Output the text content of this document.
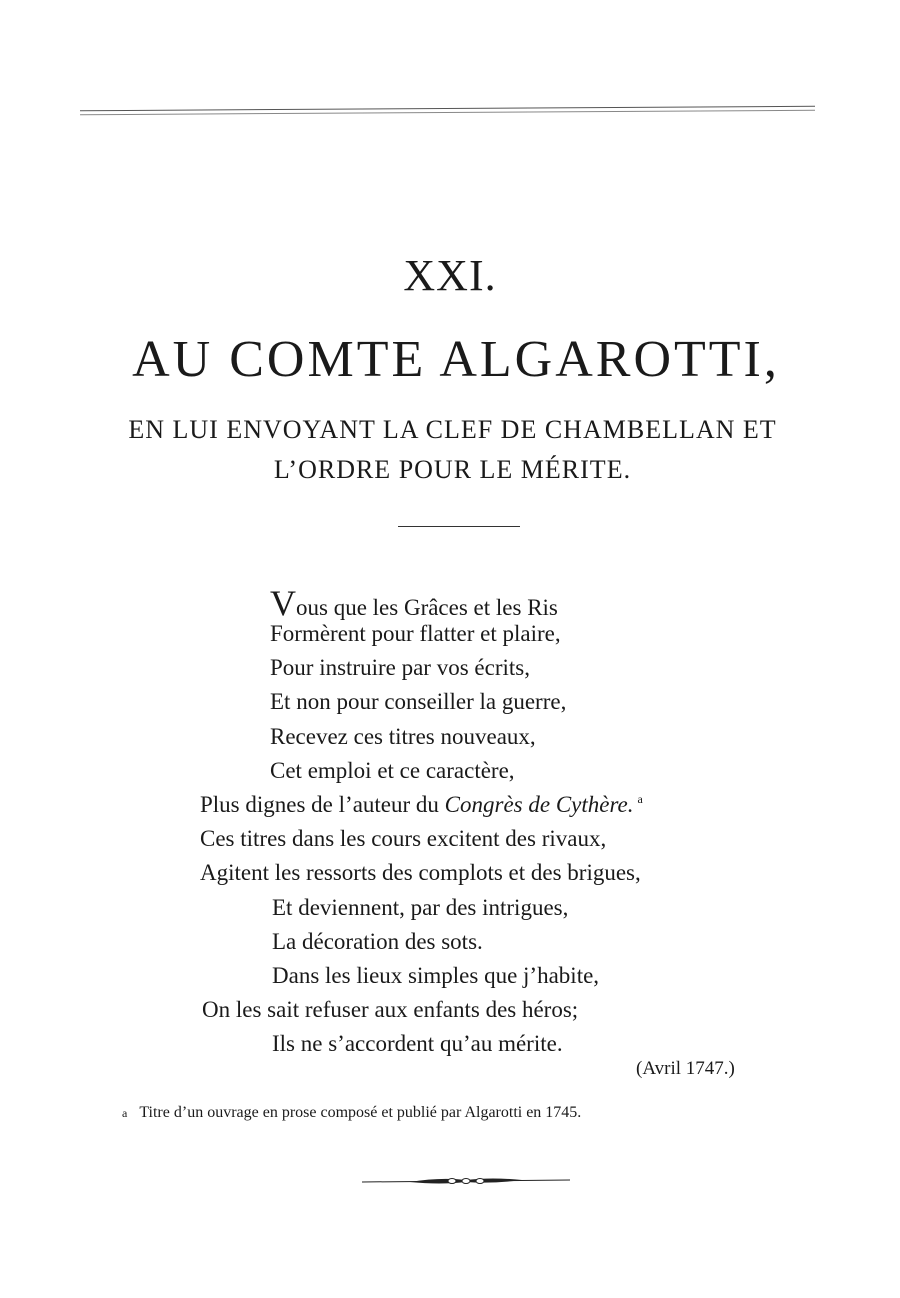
XXI.
AU COMTE ALGAROTTI,
EN LUI ENVOYANT LA CLEF DE CHAMBELLAN ET
L’ORDRE POUR LE MÉRITE.
Vous que les Grâces et les Ris
Formèrent pour flatter et plaire,
Pour instruire par vos écrits,
Et non pour conseiller la guerre,
Recevez ces titres nouveaux,
Cet emploi et ce caractère,
Plus dignes de l’auteur du Congrès de Cythère. $^a$
Ces titres dans les cours excitent des rivaux,
Agitent les ressorts des complots et des brigues,
Et deviennent, par des intrigues,
La décoration des sots.
Dans les lieux simples que j’habite,
On les sait refuser aux enfants des héros;
Ils ne s’accordent qu’au mérite.
(Avril 1747.)
a Titre d’un ouvrage en prose composé et publié par Algarotti en 1745.
